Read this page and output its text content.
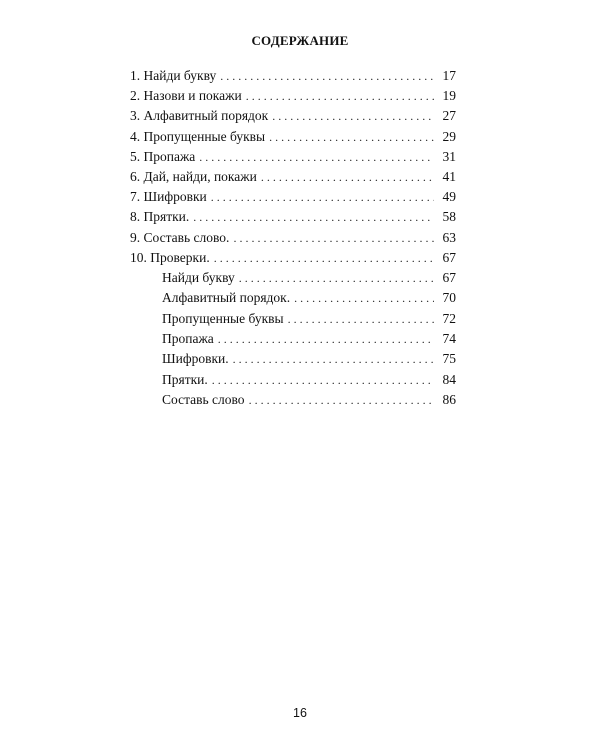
СОДЕРЖАНИЕ
1. Найди букву . . .	17
2. Назови и покажи . . .	19
3. Алфавитный порядок . . .	27
4. Пропущенные буквы . . .	29
5. Пропажа . . .	31
6. Дай, найди, покажи . . .	41
7. Шифровки . . .	49
8. Прятки. . . .	58
9. Составь слово. . . .	63
10. Проверки. . . .	67
Найди букву . . .	67
Алфавитный порядок. . . .	70
Пропущенные буквы . . .	72
Пропажа . . .	74
Шифровки. . . .	75
Прятки. . . .	84
Составь слово . . .	86
16
